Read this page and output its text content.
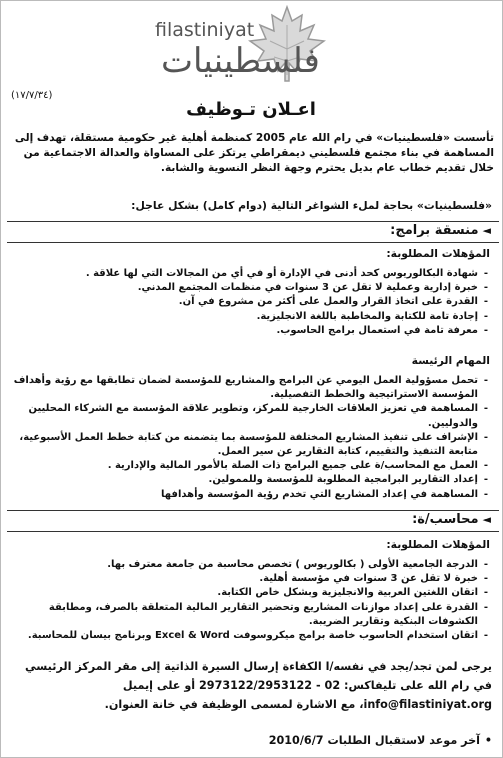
filastiniyat
فلسطينيات
(١٧/٧/٣٤)
اعـلان تـوظيف
تأسست «فلسطينيات» في رام الله عام 2005 كمنظمة أهلية غير حكومية مستقلة، تهدف إلى المساهمة في بناء مجتمع فلسطيني ديمقراطي يرتكز على المساواة والعدالة الاجتماعية من خلال تقديم خطاب عام بديل يحترم وجهة النظر النسوية والشابة.
«فلسطينيات» بحاجة لملء الشواغر التالية (دوام كامل) بشكل عاجل:
◄منسقة برامج:
المؤهلات المطلوبة:
- شهادة البكالوريوس كحد أدنى في الإدارة أو في أي من المجالات التي لها علاقة .
- خبرة إدارية وعملية لا تقل عن 3 سنوات في منظمات المجتمع المدني.
- القدرة على اتخاذ القرار والعمل على أكثر من مشروع في آن.
- إجادة تامة للكتابة والمخاطبة باللغة الانجليزية.
- معرفة تامة في استعمال برامج الحاسوب.
المهام الرئيسة
- تحمل مسؤولية العمل اليومي عن البرامج والمشاريع للمؤسسة لضمان تطابقها مع رؤية وأهداف المؤسسة الاستراتيجية والخطط التفصيلية.
- المساهمة في تعزيز العلاقات الخارجية للمركز، وتطوير علاقة المؤسسة مع الشركاء المحليين والدوليين.
- الإشراف على تنفيذ المشاريع المختلفة للمؤسسة بما يتضمنه من كتابة خطط العمل الأسبوعية، متابعة التنفيذ والتقييم، كتابة التقارير عن سير العمل.
- العمل مع المحاسب/ة على جميع البرامج ذات الصلة بالأمور المالية والإدارية .
- إعداد التقارير البرامجية المطلوبة للمؤسسة وللممولين.
- المساهمة في إعداد المشاريع التي تخدم رؤية المؤسسة وأهدافها
◄محاسب/ة:
المؤهلات المطلوبة:
- الدرجة الجامعية الأولى ( بكالوريوس ) تخصص محاسبة من جامعة معترف بها.
- خبرة لا تقل عن 3 سنوات في مؤسسة أهلية.
- اتقان اللغتين العربية والانجليزية وبشكل خاص الكتابة.
- القدرة على إعداد موازنات المشاريع وتحضير التقارير المالية المتعلقة بالصرف، ومطابقة الكشوفات البنكية وتقارير الضريبة.
- اتقان استخدام الحاسوب خاصة برامج ميكروسوفت Excel & Word وبرنامج بيسان للمحاسبة.
يرجى لمن تجد/يجد في نفسه/ا الكفاءة إرسال السيرة الذاتية إلى مقر المركز الرئيسي في رام الله على تليفاكس: 02 - 2973122/2953122 أو على إيميل info@filastiniyat.org، مع الاشارة لمسمى الوظيفة في خانة العنوان.
•
آخر موعد لاستقبال الطلبات 2010/6/7
